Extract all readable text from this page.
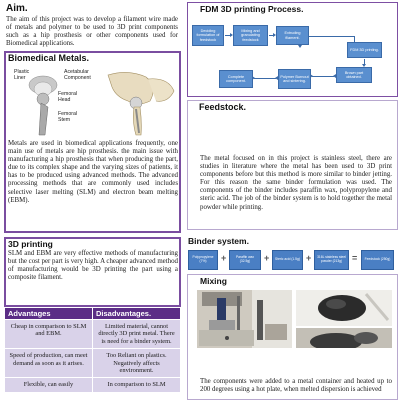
Aim.
The aim of this project was to develop a filament wire made of metals and polymer to be used to 3D print components such as a hip prosthesis or other components used for Biomedical applications.
Biomedical Metals.
Plastic
Liner
Acetabular
Component
Femoral
Head
Femoral
Stem
Metals are used in biomedical applications frequently, one main use of metals are hip prosthesis. the main issue with manufacturing a hip prosthesis that when producing the part, due to its complex shape and the varying sizes of patients, it has to be produced using advanced methods. The advanced processing methods that are commonly used includes selective laser melting (SLM) and electron beam melting (EBM).
3D printing
SLM and EBM are very effective methods of manufacturing but the cost per part is very high. A cheaper advanced method of manufacturing would be 3D printing the part using a composite filament.
Advantages	Disadvantages.
Cheap in comparison to SLM and EBM.	Limited material, cannot directly 3D print metal. There is need for a binder system.
Speed of production, can meet demand as soon as it arises.	Too Reliant on plastics. Negatively affects environment.
Flexible, can easily	In comparison to SLM
FDM 3D printing Process.
Deciding formulation of feedstock
Mixing and granulating feedstock
Extruding filament.
FDM 3D printing.
Brown part obtained.
Polymer Burnout and sintering.
Complete component.
Feedstock.
The metal focused on in this project is stainless steel, there are studies in literature where the metal has been used to 3D print components before but this method is more similar to binder jetting. For this reason the same binder formulation was used. The components of the binder includes paraffin wax, polypropylene and steric acid. The job of the binder system is to hold together the metal powder while printing.
Binder system.
Polypropylene (7%)	+	Paraffin wax (32.5g)	+	Steric acid (1.5g) +	316L stainless steel powder (213g)	=	Feedstock (250g)
Mixing
The components were added to a metal container and heated up to 200 degrees using a hot plate, when melted dispersion is achieved
